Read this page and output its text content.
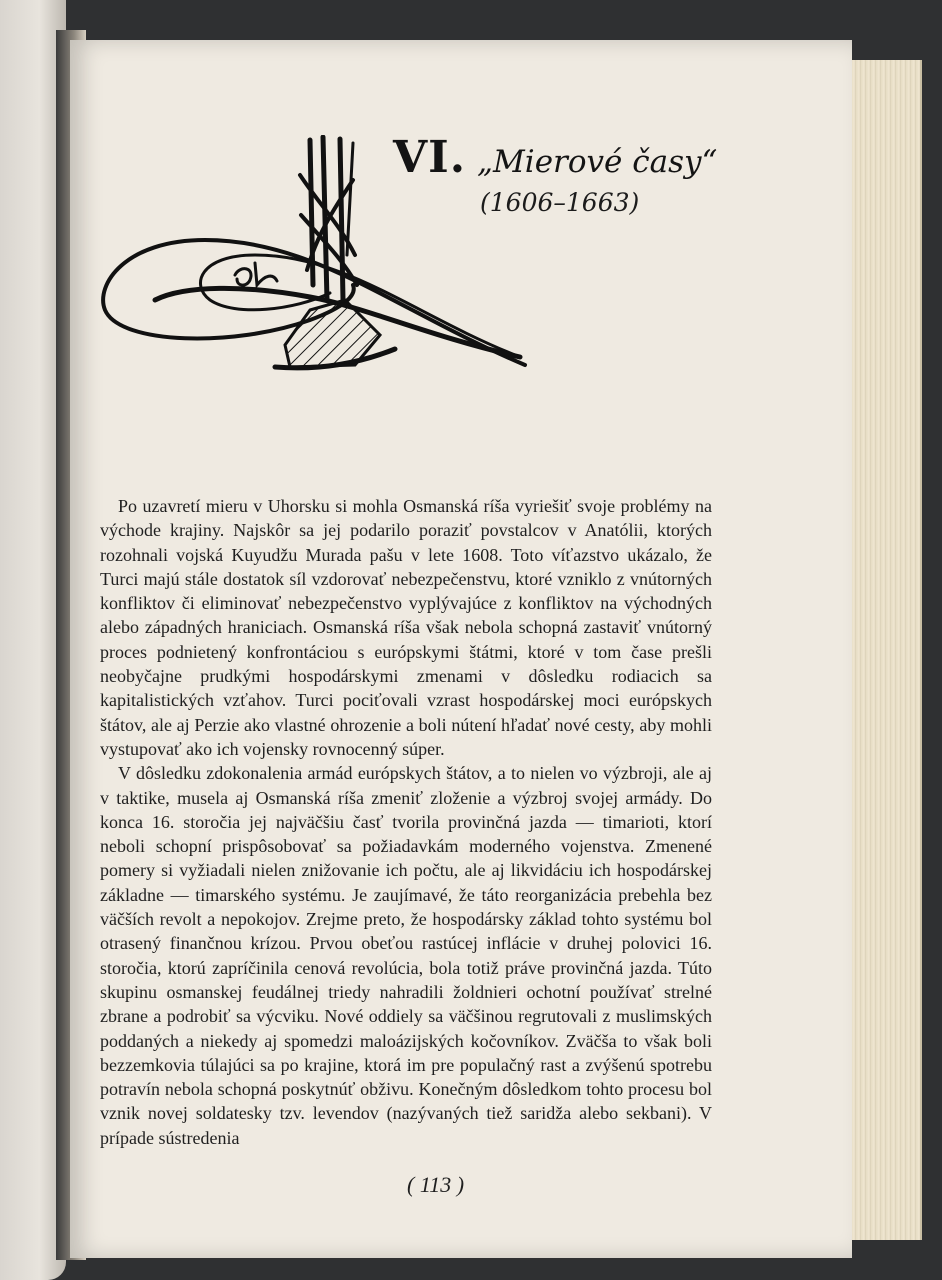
VI. „Mierové časy“
(1606–1663)

Po uzavretí mieru v Uhorsku si mohla Osmanská ríša vyriešiť svoje problémy na východe krajiny. Najskôr sa jej podarilo poraziť povstalcov v Anatólii, ktorých rozohnali vojská Kuyudžu Murada pašu v lete 1608. Toto víťazstvo ukázalo, že Turci majú stále dostatok síl vzdorovať nebezpečenstvu, ktoré vzniklo z vnútorných konfliktov či eliminovať nebezpečenstvo vyplývajúce z konfliktov na východných alebo západných hraniciach. Osmanská ríša však nebola schopná zastaviť vnútorný proces podnietený konfrontáciou s európskymi štátmi, ktoré v tom čase prešli neobyčajne prudkými hospodárskymi zmenami v dôsledku rodiacich sa kapitalistických vzťahov. Turci pociťovali vzrast hospodárskej moci európskych štátov, ale aj Perzie ako vlastné ohrozenie a boli nútení hľadať nové cesty, aby mohli vystupovať ako ich vojensky rovnocenný súper.

V dôsledku zdokonalenia armád európskych štátov, a to nielen vo výzbroji, ale aj v taktike, musela aj Osmanská ríša zmeniť zloženie a výzbroj svojej armády. Do konca 16. storočia jej najväčšiu časť tvorila provinčná jazda — timarioti, ktorí neboli schopní prispôsobovať sa požiadavkám moderného vojenstva. Zmenené pomery si vyžiadali nielen znižovanie ich počtu, ale aj likvidáciu ich hospodárskej základne — timarského systému. Je zaujímavé, že táto reorganizácia prebehla bez väčších revolt a nepokojov. Zrejme preto, že hospodársky základ tohto systému bol otrasený finančnou krízou. Prvou obeťou rastúcej inflácie v druhej polovici 16. storočia, ktorú zapríčinila cenová revolúcia, bola totiž práve provinčná jazda. Túto skupinu osmanskej feudálnej triedy nahradili žoldnieri ochotní používať strelné zbrane a podrobiť sa výcviku. Nové oddiely sa väčšinou regrutovali z muslimských poddaných a niekedy aj spomedzi maloázijských kočovníkov. Zväčša to však boli bezzemkovia túlajúci sa po krajine, ktorá im pre populačný rast a zvýšenú spotrebu potravín nebola schopná poskytnúť obživu. Konečným dôsledkom tohto procesu bol vznik novej soldatesky tzv. levendov (nazývaných tiež saridža alebo sekbani). V prípade sústredenia

( 113 )
